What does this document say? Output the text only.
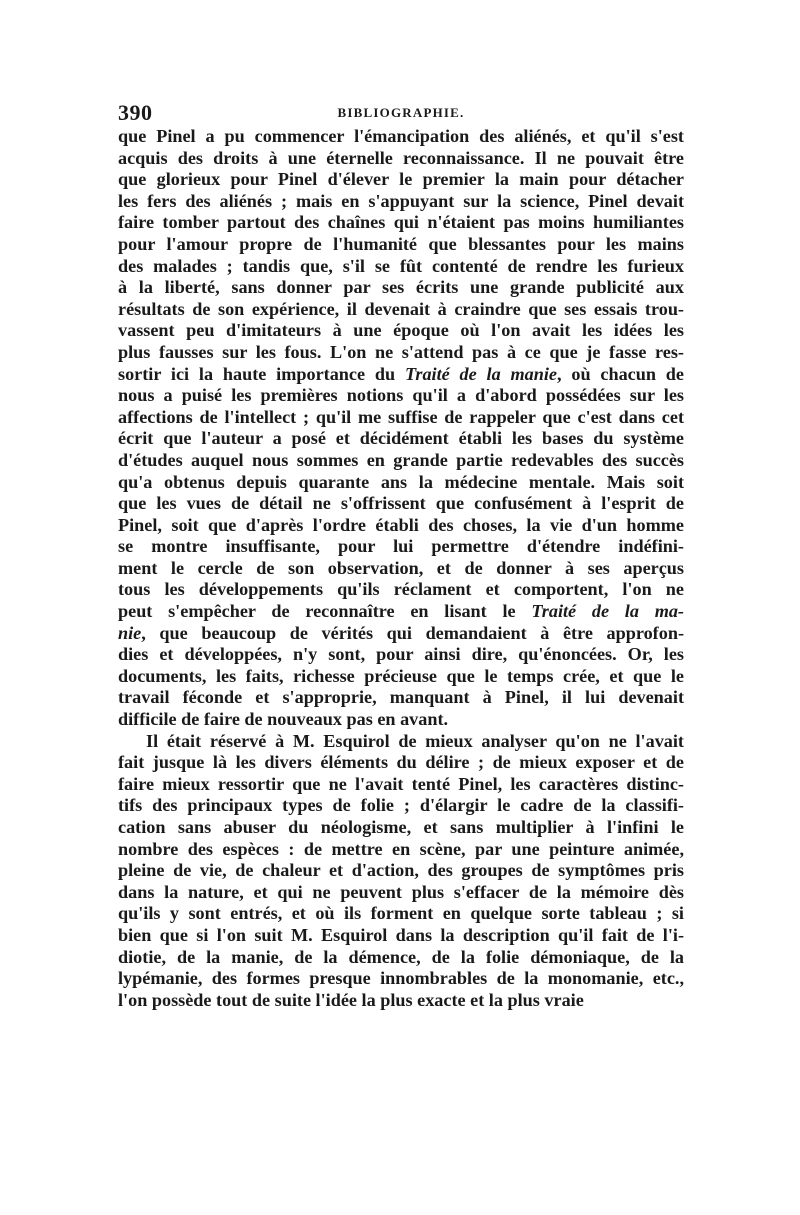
390	BIBLIOGRAPHIE.
que Pinel a pu commencer l'émancipation des aliénés, et qu'il s'est
acquis des droits à une éternelle reconnaissance. Il ne pouvait être
que glorieux pour Pinel d'élever le premier la main pour détacher
les fers des aliénés ; mais en s'appuyant sur la science, Pinel devait
faire tomber partout des chaînes qui n'étaient pas moins humiliantes
pour l'amour propre de l'humanité que blessantes pour les mains
des malades ; tandis que, s'il se fût contenté de rendre les furieux
à la liberté, sans donner par ses écrits une grande publicité aux
résultats de son expérience, il devenait à craindre que ses essais trou-
vassent peu d'imitateurs à une époque où l'on avait les idées les
plus fausses sur les fous. L'on ne s'attend pas à ce que je fasse res-
sortir ici la haute importance du Traité de la manie, où chacun de
nous a puisé les premières notions qu'il a d'abord possédées sur les
affections de l'intellect ; qu'il me suffise de rappeler que c'est dans cet
écrit que l'auteur a posé et décidément établi les bases du système
d'études auquel nous sommes en grande partie redevables des succès
qu'a obtenus depuis quarante ans la médecine mentale. Mais soit
que les vues de détail ne s'offrissent que confusément à l'esprit de
Pinel, soit que d'après l'ordre établi des choses, la vie d'un homme
se montre insuffisante, pour lui permettre d'étendre indéfini-
ment le cercle de son observation, et de donner à ses aperçus
tous les développements qu'ils réclament et comportent, l'on ne
peut s'empêcher de reconnaître en lisant le Traité de la ma-
nie, que beaucoup de vérités qui demandaient à être approfon-
dies et développées, n'y sont, pour ainsi dire, qu'énoncées. Or, les
documents, les faits, richesse précieuse que le temps crée, et que le
travail féconde et s'approprie, manquant à Pinel, il lui devenait
difficile de faire de nouveaux pas en avant.
Il était réservé à M. Esquirol de mieux analyser qu'on ne l'avait
fait jusque là les divers éléments du délire ; de mieux exposer et de
faire mieux ressortir que ne l'avait tenté Pinel, les caractères distinc-
tifs des principaux types de folie ; d'élargir le cadre de la classifi-
cation sans abuser du néologisme, et sans multiplier à l'infini le
nombre des espèces : de mettre en scène, par une peinture animée,
pleine de vie, de chaleur et d'action, des groupes de symptômes pris
dans la nature, et qui ne peuvent plus s'effacer de la mémoire dès
qu'ils y sont entrés, et où ils forment en quelque sorte tableau ; si
bien que si l'on suit M. Esquirol dans la description qu'il fait de l'i-
diotie, de la manie, de la démence, de la folie démoniaque, de la
lypémanie, des formes presque innombrables de la monomanie, etc.,
l'on possède tout de suite l'idée la plus exacte et la plus vraie
